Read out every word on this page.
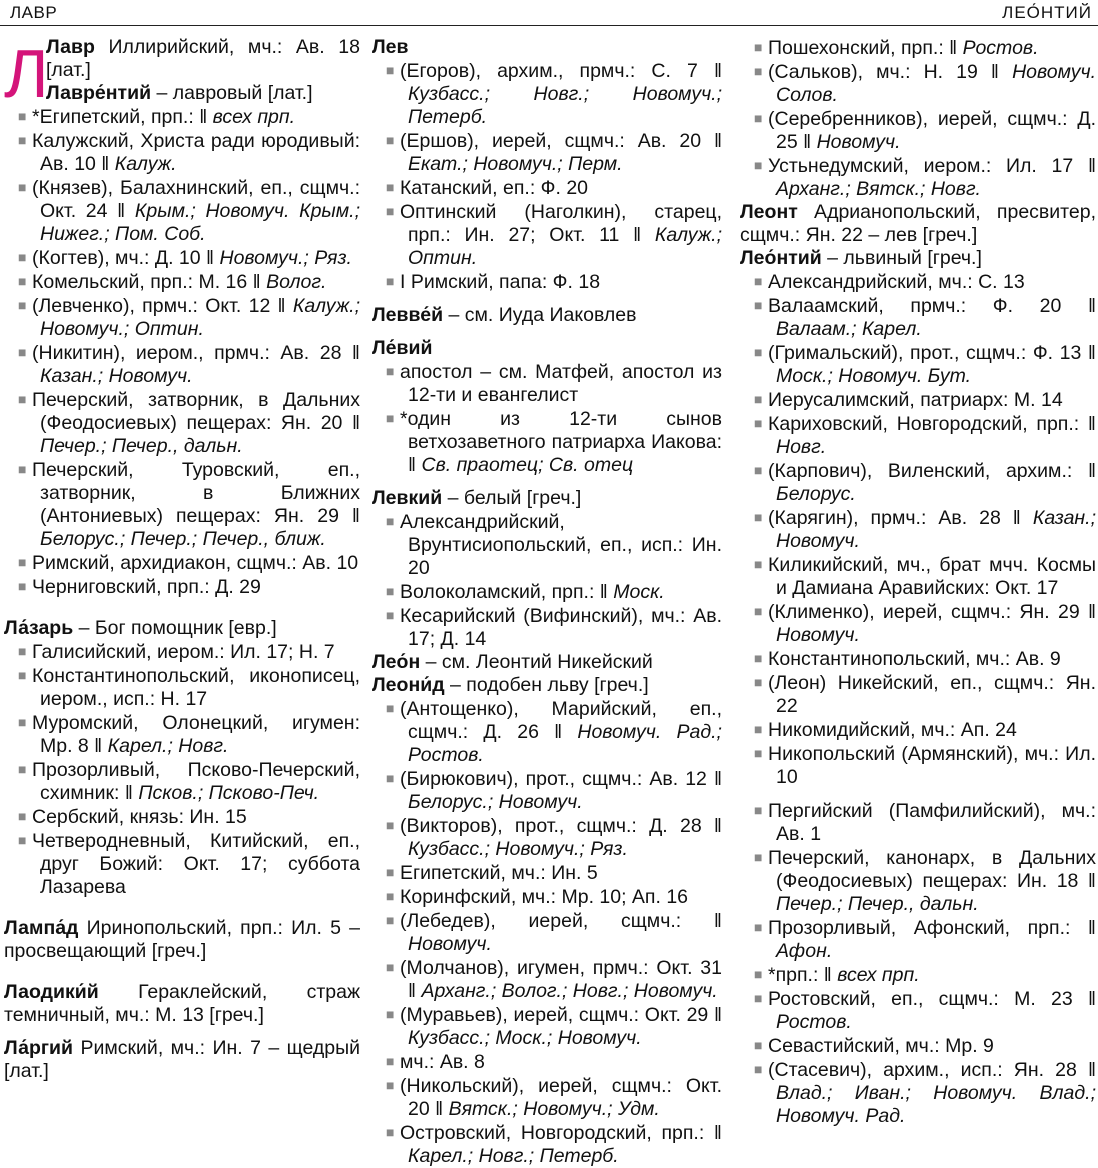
ЛАВР	ЛЕО́НТИЙ
Л

Лавр Иллирийский, мч.: Ав. 18 [лат.]

Лавре́нтий – лавровый [лат.]

■ *Египетский, прп.: ‖ всех прп.

■ Калужский, Христа ради юродивый: Ав. 10 ‖ Калуж.

■ (Князев), Балахнинский, еп., сщмч.: Окт. 24 ‖ Крым.; Новомуч. Крым.; Нижег.; Пом. Соб.

■ (Когтев), мч.: Д. 10 ‖ Новомуч.; Ряз.

■ Комельский, прп.: М. 16 ‖ Волог.

■ (Левченко), прмч.: Окт. 12 ‖ Калуж.; Новомуч.; Оптин.

■ (Никитин), иером., прмч.: Ав. 28 ‖ Казан.; Новомуч.

■ Печерский, затворник, в Дальних (Феодосиевых) пещерах: Ян. 20 ‖ Печер.; Печер., дальн.

■ Печерский, Туровский, еп., затворник, в Ближних (Антониевых) пещерах: Ян. 29 ‖ Белорус.; Печер.; Печер., ближ.

■ Римский, архидиакон, сщмч.: Ав. 10

■ Черниговский, прп.: Д. 29

Ла́зарь – Бог помощник [евр.]

■ Галисийский, иером.: Ил. 17; Н. 7

■ Константинопольский, иконописец, иером., исп.: Н. 17

■ Муромский, Олонецкий, игумен: Мр. 8 ‖ Карел.; Новг.

■ Прозорливый, Псково-Печерский, схимник: ‖ Псков.; Псково-Печ.

■ Сербский, князь: Ин. 15

■ Четверодневный, Китийский, еп., друг Божий: Окт. 17; суббота Лазарева

Лампа́д Иринопольский, прп.: Ил. 5 – просвещающий [греч.]

Лаодики́й Гераклейский, страж темничный, мч.: М. 13 [греч.]

Ла́ргий Римский, мч.: Ин. 7 – щедрый [лат.]

Лев

■ (Егоров), архим., прмч.: С. 7 ‖ Кузбасс.; Новг.; Новомуч.; Петерб.

■ (Ершов), иерей, сщмч.: Ав. 20 ‖ Екат.; Новомуч.; Перм.

■ Катанский, еп.: Ф. 20

■ Оптинский (Наголкин), старец, прп.: Ин. 27; Окт. 11 ‖ Калуж.; Оптин.

■ I Римский, папа: Ф. 18

Левве́й – см. Иуда Иаковлев

Ле́вий

■ апостол – см. Матфей, апостол из 12-ти и евангелист

■ *один из 12-ти сынов ветхозаветного патриарха Иакова: ‖ Св. праотец; Св. отец

Левкий – белый [греч.]

■ Александрийский, Врунтисиопольский, еп., исп.: Ин. 20

■ Волоколамский, прп.: ‖ Моск.

■ Кесарийский (Вифинский), мч.: Ав. 17; Д. 14

Лео́н – см. Леонтий Никейский

Леони́д – подобен льву [греч.]

■ (Антощенко), Марийский, еп., сщмч.: Д. 26 ‖ Новомуч. Рад.; Ростов.

■ (Бирюкович), прот., сщмч.: Ав. 12 ‖ Белорус.; Новомуч.

■ (Викторов), прот., сщмч.: Д. 28 ‖ Кузбасс.; Новомуч.; Ряз.

■ Египетский, мч.: Ин. 5

■ Коринфский, мч.: Мр. 10; Ап. 16

■ (Лебедев), иерей, сщмч.: ‖ Новомуч.

■ (Молчанов), игумен, прмч.: Окт. 31 ‖ Арханг.; Волог.; Новг.; Новомуч.

■ (Муравьев), иерей, сщмч.: Окт. 29 ‖ Кузбасс.; Моск.; Новомуч.

■ мч.: Ав. 8

■ (Никольский), иерей, сщмч.: Окт. 20 ‖ Вятск.; Новомуч.; Удм.

■ Островский, Новгородский, прп.: ‖ Карел.; Новг.; Петерб.

■ Пошехонский, прп.: ‖ Ростов.

■ (Сальков), мч.: Н. 19 ‖ Новомуч. Солов.

■ (Серебренников), иерей, сщмч.: Д. 25 ‖ Новомуч.

■ Устьнедумский, иером.: Ил. 17 ‖ Арханг.; Вятск.; Новг.

Леонт Адрианопольский, пресвитер, сщмч.: Ян. 22 – лев [греч.]

Лео́нтий – львиный [греч.]

■ Александрийский, мч.: С. 13

■ Валаамский, прмч.: Ф. 20 ‖ Валаам.; Карел.

■ (Гримальский), прот., сщмч.: Ф. 13 ‖ Моск.; Новомуч. Бут.

■ Иерусалимский, патриарх: М. 14

■ Кариховский, Новгородский, прп.: ‖ Новг.

■ (Карпович), Виленский, архим.: ‖ Белорус.

■ (Карягин), прмч.: Ав. 28 ‖ Казан.; Новомуч.

■ Киликийский, мч., брат мчч. Космы и Дамиана Аравийских: Окт. 17

■ (Клименко), иерей, сщмч.: Ян. 29 ‖ Новомуч.

■ Константинопольский, мч.: Ав. 9

■ (Леон) Никейский, еп., сщмч.: Ян. 22

■ Никомидийский, мч.: Ап. 24

■ Никопольский (Армянский), мч.: Ил. 10

■ Пергийский (Памфилийский), мч.: Ав. 1

■ Печерский, канонарх, в Дальних (Феодосиевых) пещерах: Ин. 18 ‖ Печер.; Печер., дальн.

■ Прозорливый, Афонский, прп.: ‖ Афон.

■ *прп.: ‖ всех прп.

■ Ростовский, еп., сщмч.: М. 23 ‖ Ростов.

■ Севастийский, мч.: Мр. 9

■ (Стасевич), архим., исп.: Ян. 28 ‖ Влад.; Иван.; Новомуч. Влад.; Новомуч. Рад.
